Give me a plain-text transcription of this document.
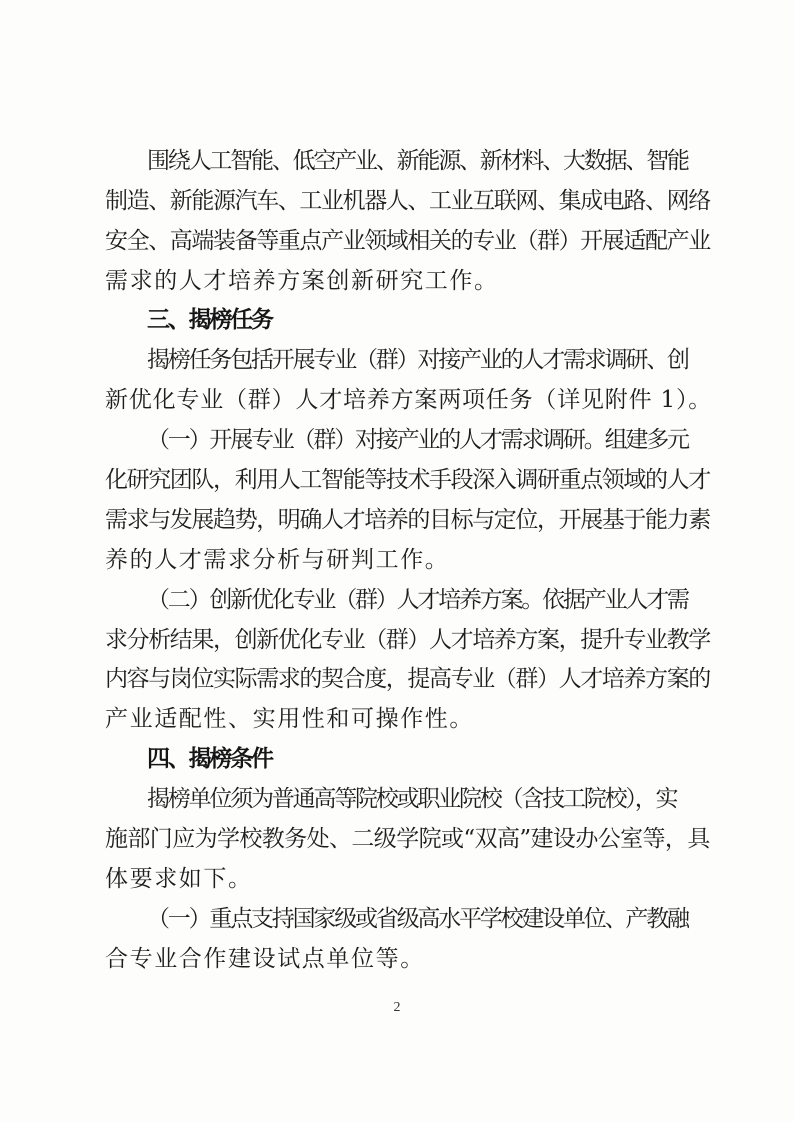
围绕人工智能、低空产业、新能源、新材料、大数据、智能
制造、新能源汽车、工业机器人、工业互联网、集成电路、网络
安全、高端装备等重点产业领域相关的专业（群）开展适配产业
需求的人才培养方案创新研究工作。
三、揭榜任务
揭榜任务包括开展专业（群）对接产业的人才需求调研、创
新优化专业（群）人才培养方案两项任务（详见附件 1）。
（一）开展专业（群）对接产业的人才需求调研。组建多元
化研究团队，利用人工智能等技术手段深入调研重点领域的人才
需求与发展趋势，明确人才培养的目标与定位，开展基于能力素
养的人才需求分析与研判工作。
（二）创新优化专业（群）人才培养方案。依据产业人才需
求分析结果，创新优化专业（群）人才培养方案，提升专业教学
内容与岗位实际需求的契合度，提高专业（群）人才培养方案的
产业适配性、实用性和可操作性。
四、揭榜条件
揭榜单位须为普通高等院校或职业院校（含技工院校），实
施部门应为学校教务处、二级学院或“双高”建设办公室等，具
体要求如下。
（一）重点支持国家级或省级高水平学校建设单位、产教融
合专业合作建设试点单位等。
2
